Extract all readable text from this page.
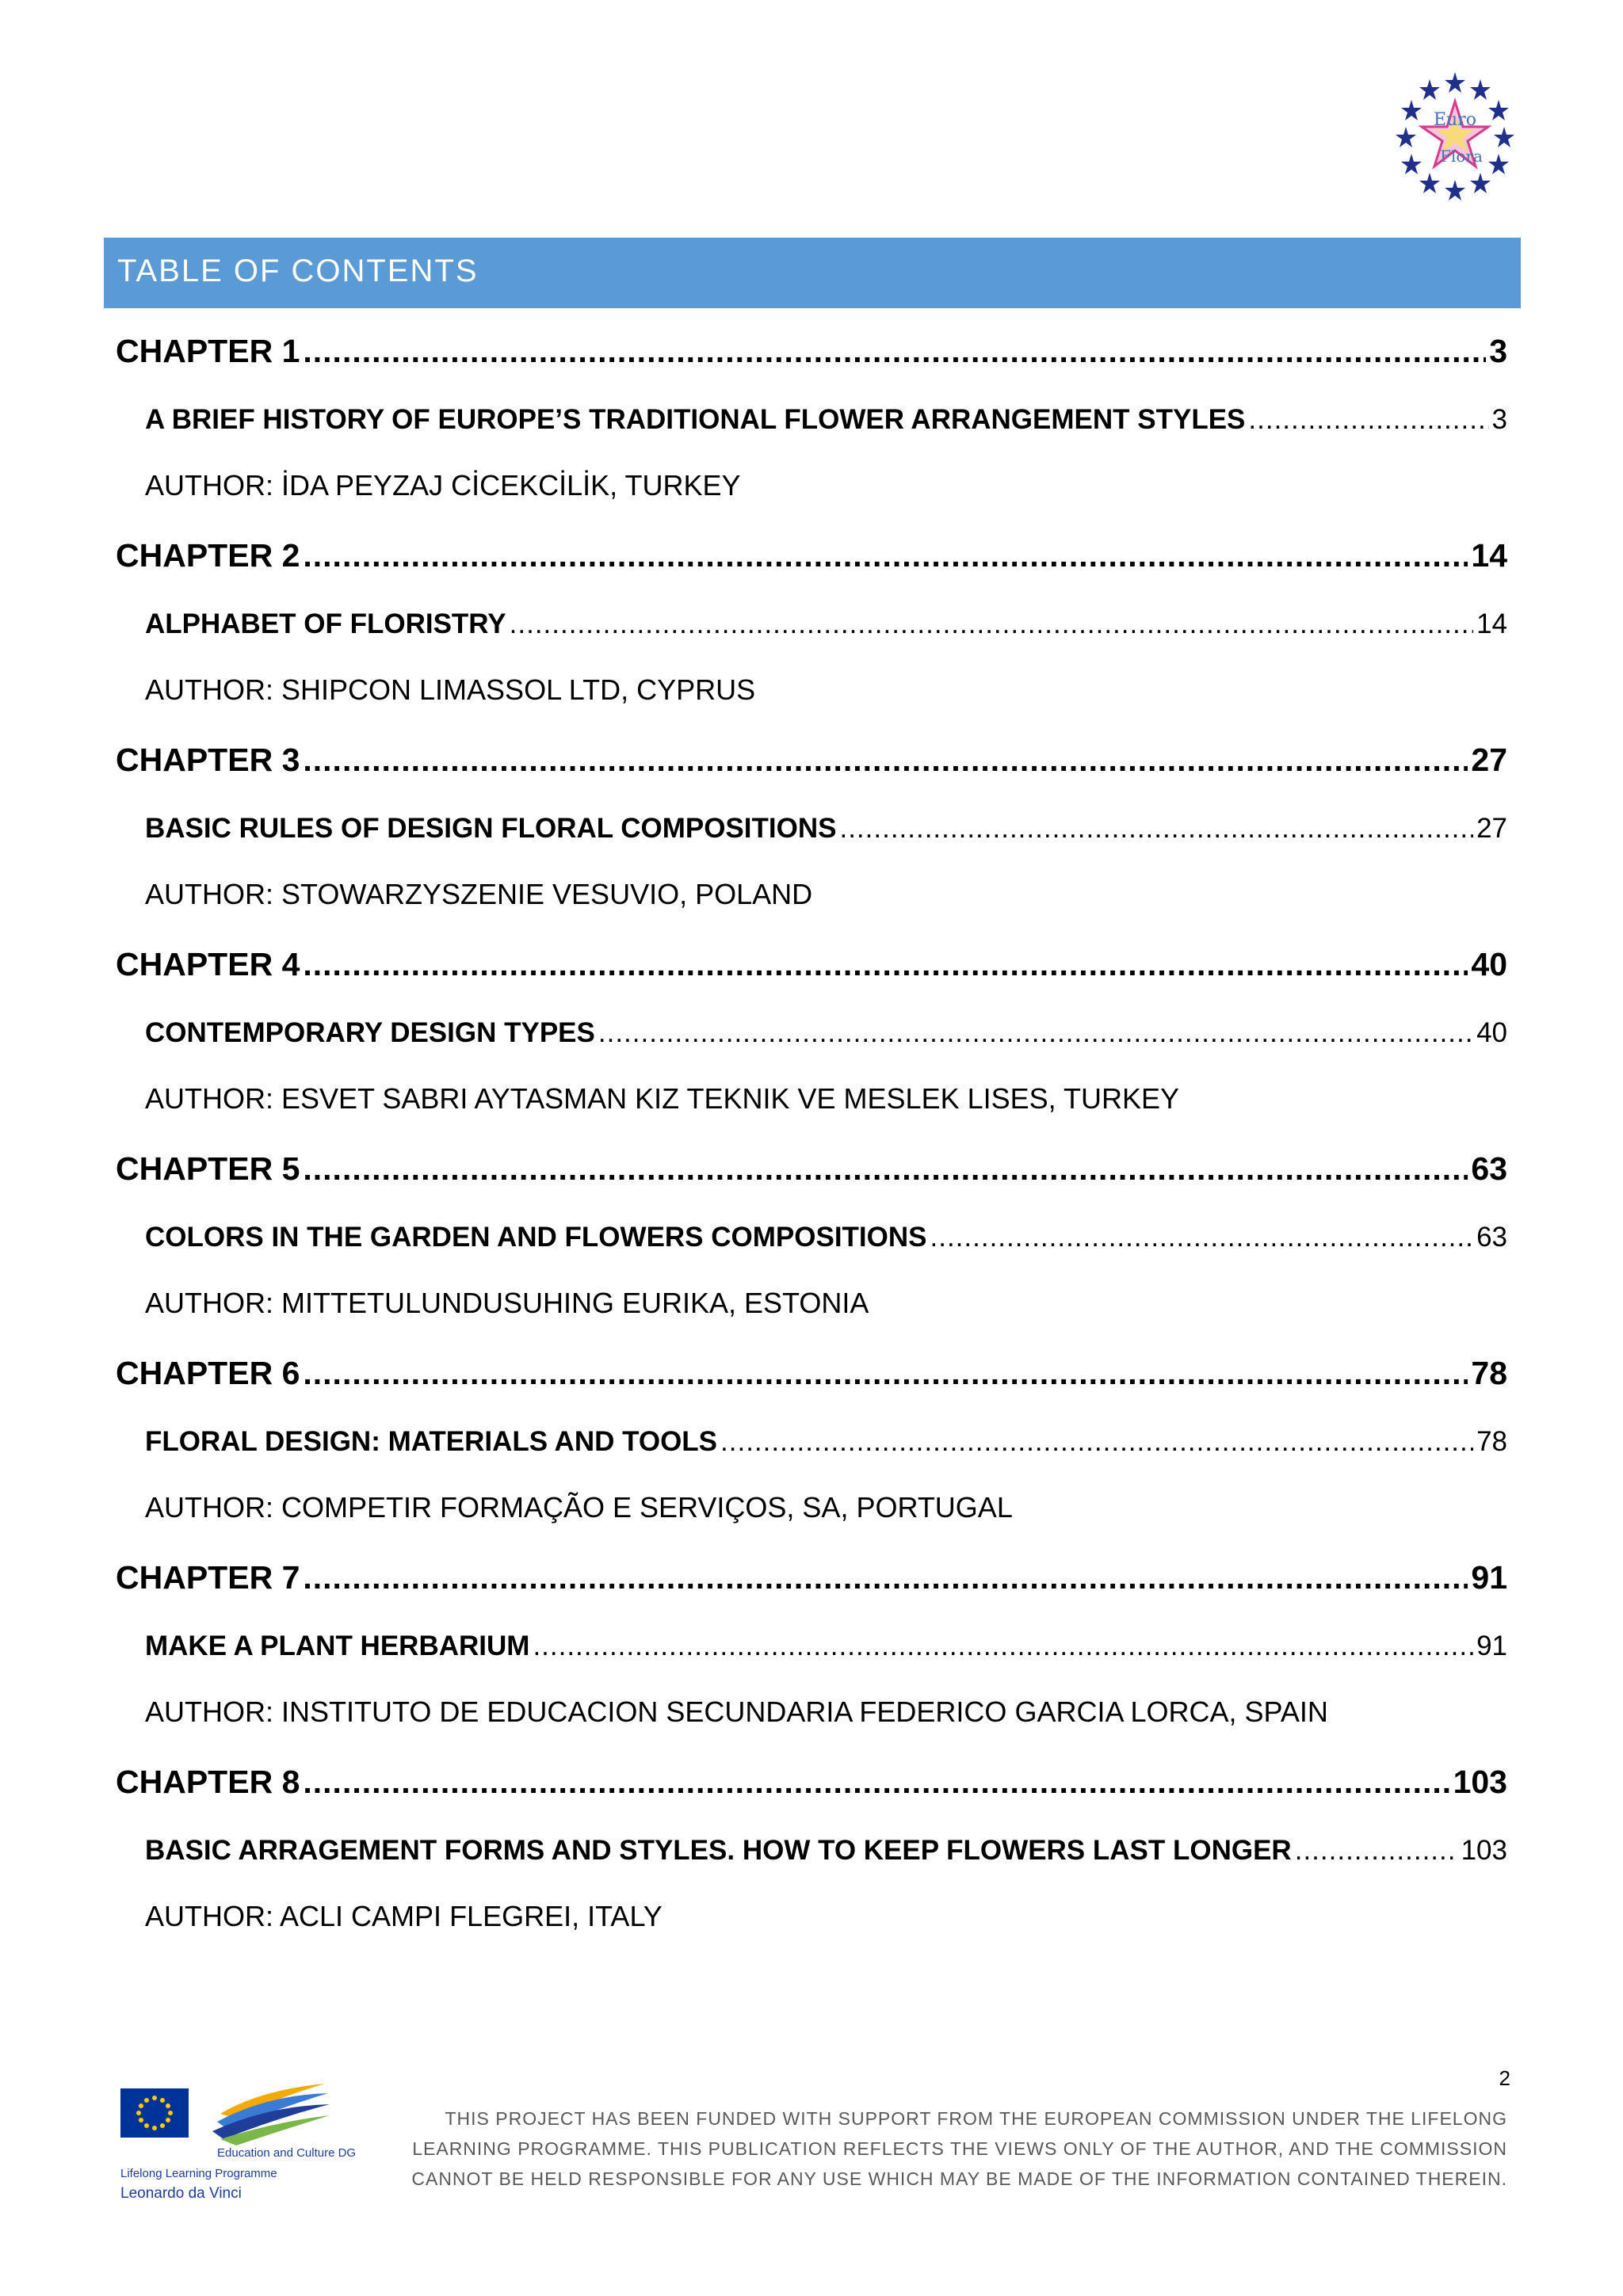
Euro
Flora
TABLE OF CONTENTS
CHAPTER 1 .....	3
A BRIEF HISTORY OF EUROPE’S TRADITIONAL FLOWER ARRANGEMENT STYLES .....	3
AUTHOR: İDA PEYZAJ CİCEKCİLİK, TURKEY
CHAPTER 2 .....	14
ALPHABET OF FLORISTRY .....	14
AUTHOR: SHIPCON LIMASSOL LTD, CYPRUS
CHAPTER 3 .....	27
BASIC RULES OF DESIGN FLORAL COMPOSITIONS .....	27
AUTHOR: STOWARZYSZENIE VESUVIO, POLAND
CHAPTER 4 .....	40
CONTEMPORARY DESIGN TYPES .....	40
AUTHOR: ESVET SABRI AYTASMAN KIZ TEKNIK VE MESLEK LISES, TURKEY
CHAPTER 5 .....	63
COLORS IN THE GARDEN AND FLOWERS COMPOSITIONS .....	63
AUTHOR: MITTETULUNDUSUHING EURIKA, ESTONIA
CHAPTER 6 .....	78
FLORAL DESIGN: MATERIALS AND TOOLS .....	78
AUTHOR: COMPETIR FORMAÇÃO E SERVIÇOS, SA, PORTUGAL
CHAPTER 7 .....	91
MAKE A PLANT HERBARIUM .....	91
AUTHOR: INSTITUTO DE EDUCACION SECUNDARIA FEDERICO GARCIA LORCA, SPAIN
CHAPTER 8 .....	103
BASIC ARRAGEMENT FORMS AND STYLES. HOW TO KEEP FLOWERS LAST LONGER .....	103
AUTHOR: ACLI CAMPI FLEGREI, ITALY
2
Education and Culture DG
Lifelong Learning Programme
Leonardo da Vinci
THIS PROJECT HAS BEEN FUNDED WITH SUPPORT FROM THE EUROPEAN COMMISSION UNDER THE LIFELONG LEARNING PROGRAMME. THIS PUBLICATION REFLECTS THE VIEWS ONLY OF THE AUTHOR, AND THE COMMISSION CANNOT BE HELD RESPONSIBLE FOR ANY USE WHICH MAY BE MADE OF THE INFORMATION CONTAINED THEREIN.
